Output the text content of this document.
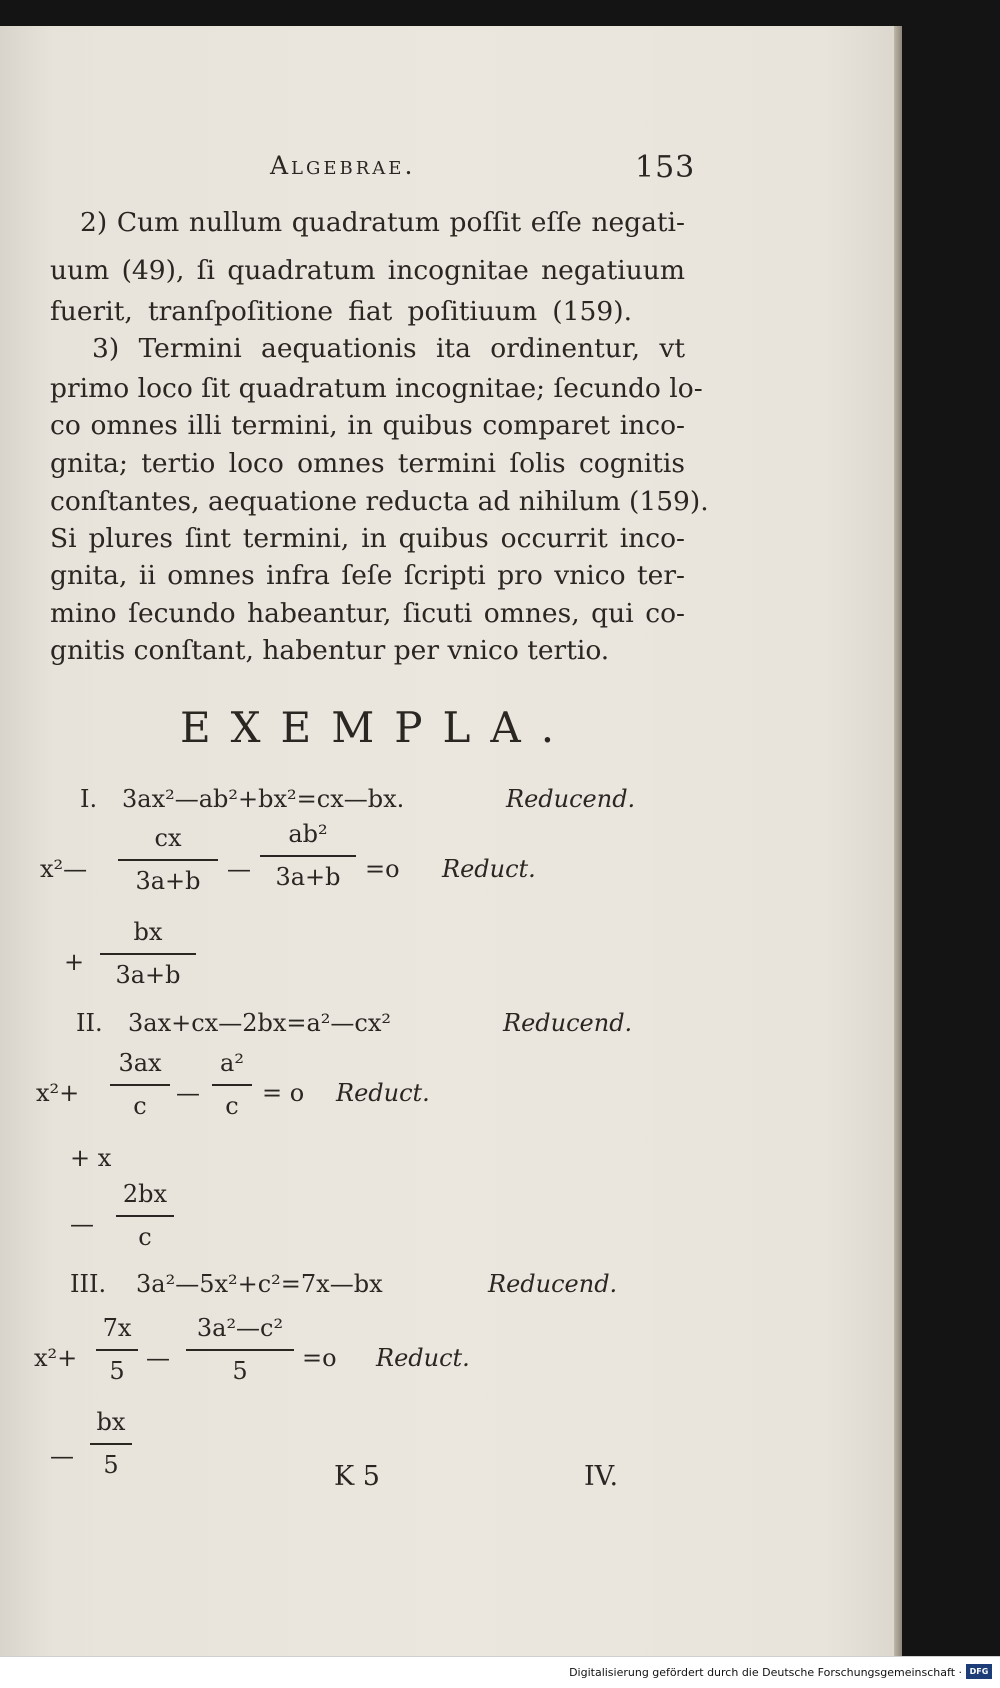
Algebrae.	153
2) Cum nullum quadratum poſſit eſſe negati-
uum (49), ſi quadratum incognitae negatiuum
fuerit, tranſpoſitione fiat poſitiuum (159).
3) Termini aequationis ita ordinentur, vt
primo loco ſit quadratum incognitae; ſecundo lo-
co omnes illi termini, in quibus comparet inco-
gnita; tertio loco omnes termini ſolis cognitis
conſtantes, aequatione reducta ad nihilum (159).
Si plures ſint termini, in quibus occurrit inco-
gnita, ii omnes infra ſeſe ſcripti pro vnico ter-
mino ſecundo habeantur, ſicuti omnes, qui co-
gnitis conſtant, habentur per vnico tertio.
EXEMPLA.
I. 3ax²—ab²+bx²=cx—bx.	Reducend.
x²—
cx
3a+b —
ab²
3a+b =o Reduct.
+
bx
3a+b
II. 3ax+cx—2bx=a²—cx²	Reducend.
x²+
3ax
c —
a²
c = o Reduct.
+ x
—
2bx
c
III. 3a²—5x²+c²=7x—bx	Reducend.
x²+
7x
5 —
3a²—c²
5 =o Reduct.
—
bx
5	K 5	IV.
Digitalisierung gefördert durch die Deutsche Forschungsgemeinschaft · DFG
